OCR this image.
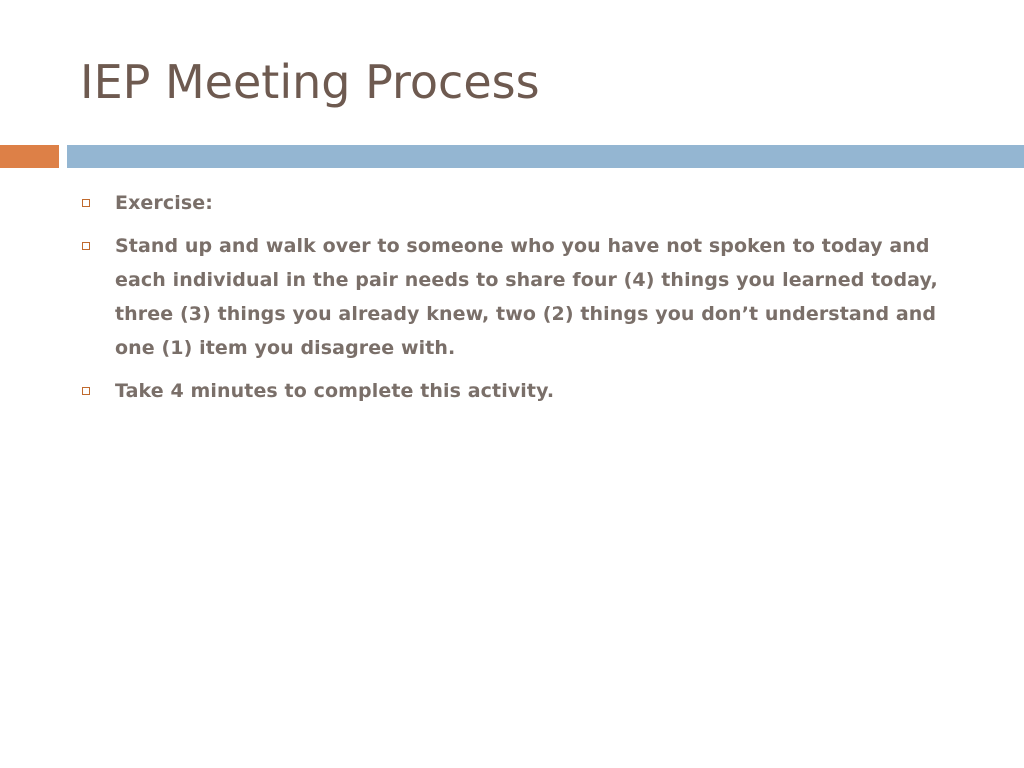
IEP Meeting Process
Exercise:
Stand up and walk over to someone who you have not spoken to today and each individual in the pair needs to share four (4) things you learned today, three (3) things you already knew, two (2) things you don’t understand and one (1) item you disagree with.
Take 4 minutes to complete this activity.
